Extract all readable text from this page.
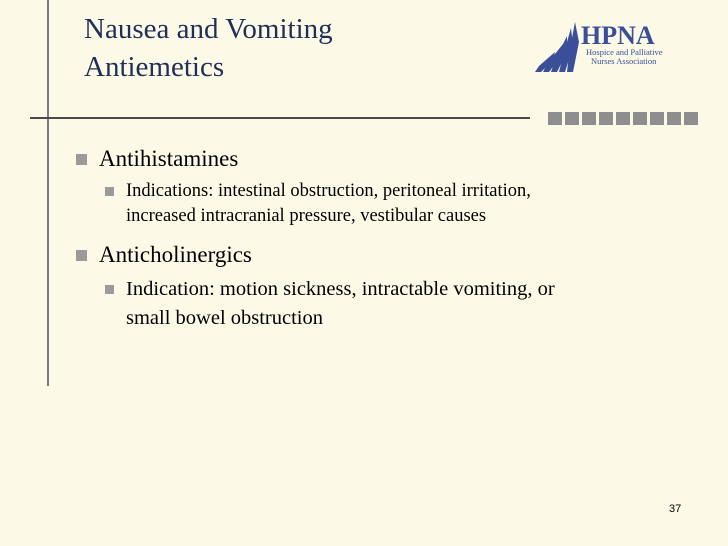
Nausea and Vomiting
Antiemetics
HPNA
Hospice and Palliative
Nurses Association
Antihistamines
Indications: intestinal obstruction, peritoneal irritation, increased intracranial pressure, vestibular causes
Anticholinergics
Indication: motion sickness, intractable vomiting, or small bowel obstruction
37
